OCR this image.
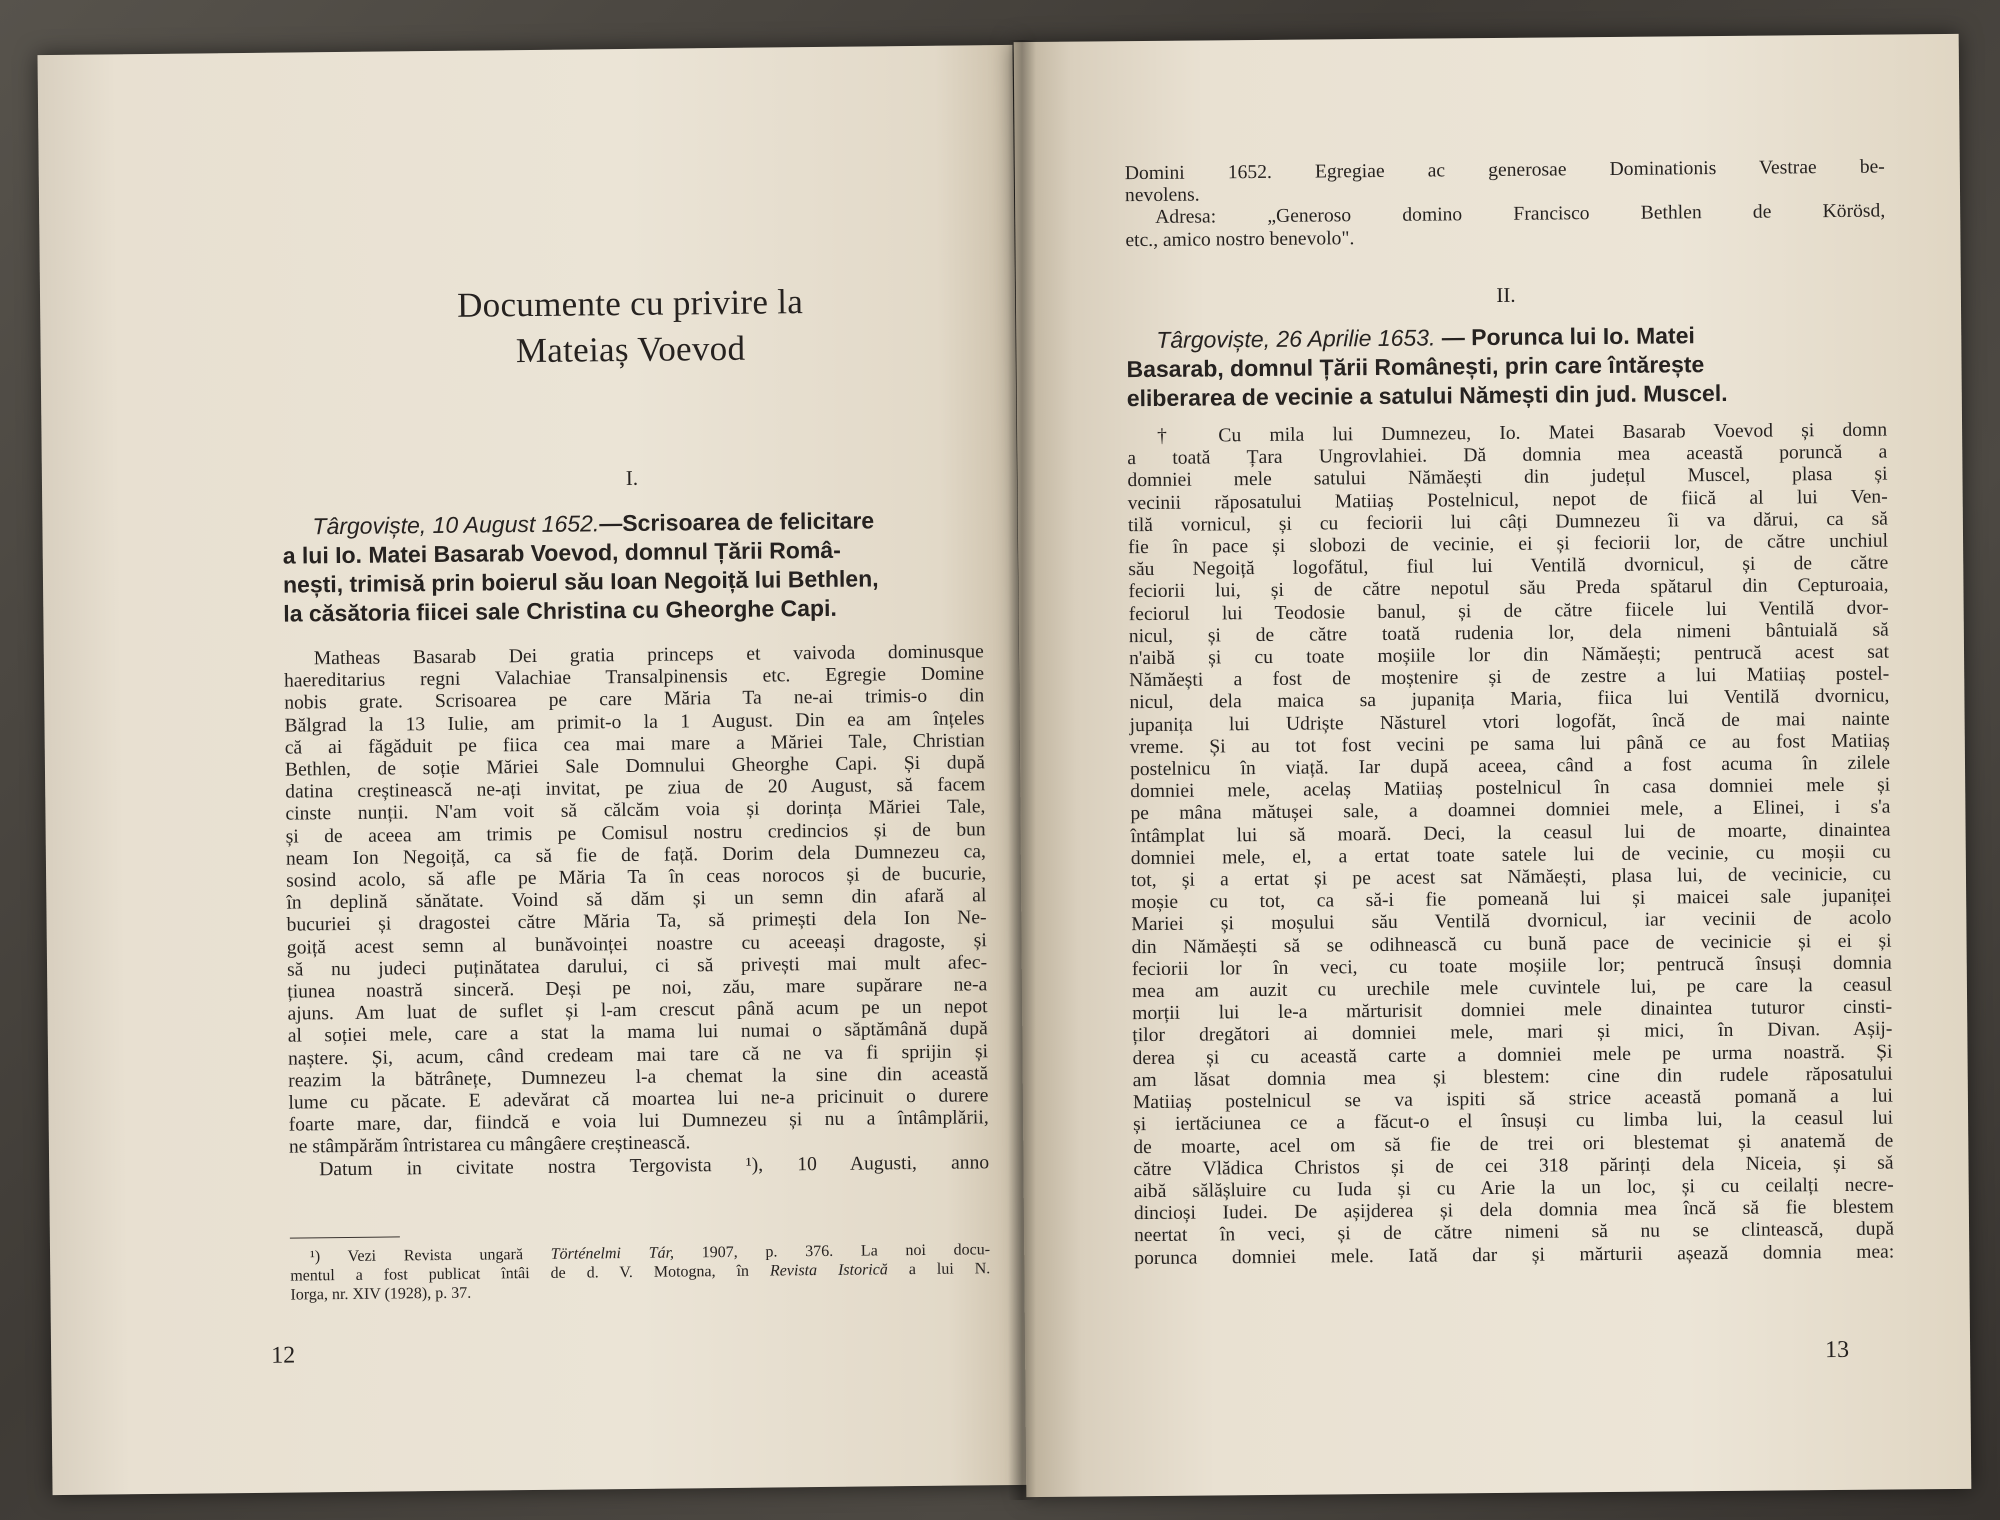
Documente cu privire la
Mateiaș Voevod
I.
Târgoviște, 10 August 1652.—Scrisoarea de felicitare
a lui Io. Matei Basarab Voevod, domnul Țării Româ-
nești, trimisă prin boierul său Ioan Negoiță lui Bethlen,
la căsătoria fiicei sale Christina cu Gheorghe Capi.
Matheas Basarab Dei gratia princeps et vaivoda dominusque
haereditarius regni Valachiae Transalpinensis etc. Egregie Domine
nobis grate. Scrisoarea pe care Măria Ta ne-ai trimis-o din
Bălgrad la 13 Iulie, am primit-o la 1 August. Din ea am înțeles
că ai făgăduit pe fiica cea mai mare a Măriei Tale, Christian
Bethlen, de soție Măriei Sale Domnului Gheorghe Capi. Și după
datina creștinească ne-ați invitat, pe ziua de 20 August, să facem
cinste nunții. N'am voit să călcăm voia și dorința Măriei Tale,
și de aceea am trimis pe Comisul nostru credincios și de bun
neam Ion Negoiță, ca să fie de față. Dorim dela Dumnezeu ca,
sosind acolo, să afle pe Măria Ta în ceas norocos și de bucurie,
în deplină sănătate. Voind să dăm și un semn din afară al
bucuriei și dragostei către Măria Ta, să primești dela Ion Ne-
goiță acest semn al bunăvoinței noastre cu aceeași dragoste, și
să nu judeci puținătatea darului, ci să privești mai mult afec-
țiunea noastră sinceră. Deși pe noi, zău, mare supărare ne-a
ajuns. Am luat de suflet și l-am crescut până acum pe un nepot
al soției mele, care a stat la mama lui numai o săptămână după
naștere. Și, acum, când credeam mai tare că ne va fi sprijin și
reazim la bătrânețe, Dumnezeu l-a chemat la sine din această
lume cu păcate. E adevărat că moartea lui ne-a pricinuit o durere
foarte mare, dar, fiindcă e voia lui Dumnezeu și nu a întâmplării,
ne stâmpărăm întristarea cu mângâere creștinească.
Datum in civitate nostra Tergovista ¹), 10 Augusti, anno
¹) Vezi Revista ungară Történelmi Tár, 1907, p. 376. La noi docu-
mentul a fost publicat întâi de d. V. Motogna, în Revista Istorică a lui N.
Iorga, nr. XIV (1928), p. 37.
12
Domini 1652. Egregiae ac generosae Dominationis Vestrae be-
nevolens.
Adresa: „Generoso domino Francisco Bethlen de Körösd,
etc., amico nostro benevolo".
II.
Târgoviște, 26 Aprilie 1653. — Porunca lui Io. Matei
Basarab, domnul Țării Românești, prin care întărește
eliberarea de vecinie a satului Nămești din jud. Muscel.
† Cu mila lui Dumnezeu, Io. Matei Basarab Voevod și domn
a toată Țara Ungrovlahiei. Dă domnia mea această poruncă a
domniei mele satului Nămăești din județul Muscel, plasa și
vecinii răposatului Matiiaș Postelnicul, nepot de fiică al lui Ven-
tilă vornicul, și cu feciorii lui câți Dumnezeu îi va dărui, ca să
fie în pace și slobozi de vecinie, ei și feciorii lor, de către unchiul
său Negoiță logofătul, fiul lui Ventilă dvornicul, și de către
feciorii lui, și de către nepotul său Preda spătarul din Cepturoaia,
feciorul lui Teodosie banul, și de către fiicele lui Ventilă dvor-
nicul, și de către toată rudenia lor, dela nimeni bântuială să
n'aibă și cu toate moșiile lor din Nămăești; pentrucă acest sat
Nămăești a fost de moștenire și de zestre a lui Matiiaș postel-
nicul, dela maica sa jupanița Maria, fiica lui Ventilă dvornicu,
jupanița lui Udriște Năsturel vtori logofăt, încă de mai nainte
vreme. Și au tot fost vecini pe sama lui până ce au fost Matiiaș
postelnicu în viață. Iar după aceea, când a fost acuma în zilele
domniei mele, acelaș Matiiaș postelnicul în casa domniei mele și
pe mâna mătușei sale, a doamnei domniei mele, a Elinei, i s'a
întâmplat lui să moară. Deci, la ceasul lui de moarte, dinaintea
domniei mele, el, a ertat toate satele lui de vecinie, cu moșii cu
tot, și a ertat și pe acest sat Nămăești, plasa lui, de vecinicie, cu
moșie cu tot, ca să-i fie pomeană lui și maicei sale jupaniței
Mariei și moșului său Ventilă dvornicul, iar vecinii de acolo
din Nămăești să se odihnească cu bună pace de vecinicie și ei și
feciorii lor în veci, cu toate moșiile lor; pentrucă însuși domnia
mea am auzit cu urechile mele cuvintele lui, pe care la ceasul
morții lui le-a mărturisit domniei mele dinaintea tuturor cinsti-
ților dregători ai domniei mele, mari și mici, în Divan. Așij-
derea și cu această carte a domniei mele pe urma noastră. Și
am lăsat domnia mea și blestem: cine din rudele răposatului
Matiiaș postelnicul se va ispiti să strice această pomană a lui
și iertăciunea ce a făcut-o el însuși cu limba lui, la ceasul lui
de moarte, acel om să fie de trei ori blestemat și anatemă de
către Vlădica Christos și de cei 318 părinți dela Niceia, și să
aibă sălășluire cu Iuda și cu Arie la un loc, și cu ceilalți necre-
dincioși Iudei. De așijderea și dela domnia mea încă să fie blestem
neertat în veci, și de către nimeni să nu se clintească, după
porunca domniei mele. Iată dar și mărturii așează domnia mea:
13
